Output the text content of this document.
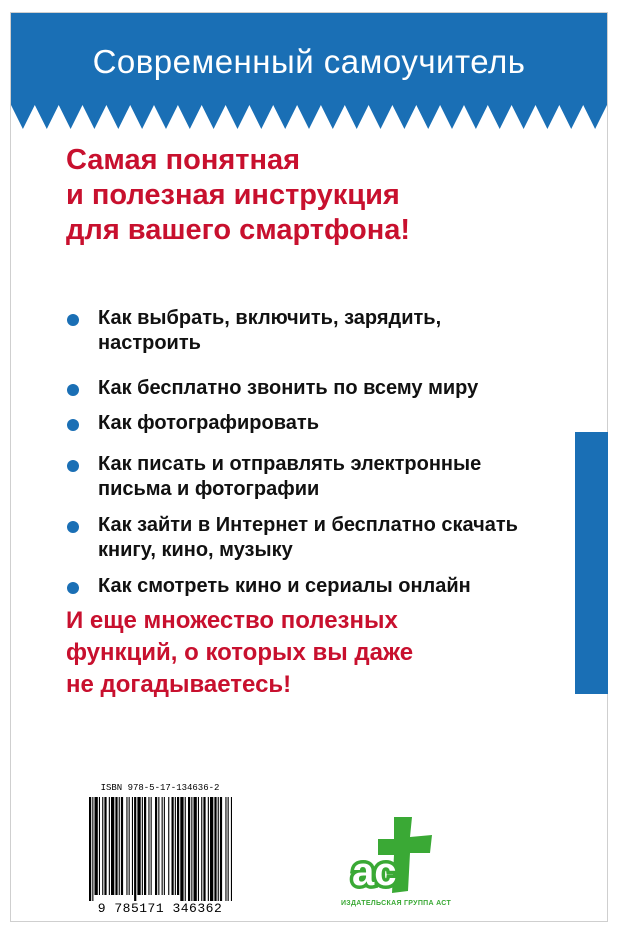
Современный самоучитель
Самая понятная
и полезная инструкция
для вашего смартфона!
Как выбрать, включить, зарядить,
настроить
Как бесплатно звонить по всему миру
Как фотографировать
Как писать и отправлять электронные
письма и фотографии
Как зайти в Интернет и бесплатно скачать
книгу, кино, музыку
Как смотреть кино и сериалы онлайн
И еще множество полезных
функций, о которых вы даже
не догадываетесь!
ISBN 978-5-17-134636-2
9 785171 346362
ас
ИЗДАТЕЛЬСКАЯ ГРУППА АСТ
